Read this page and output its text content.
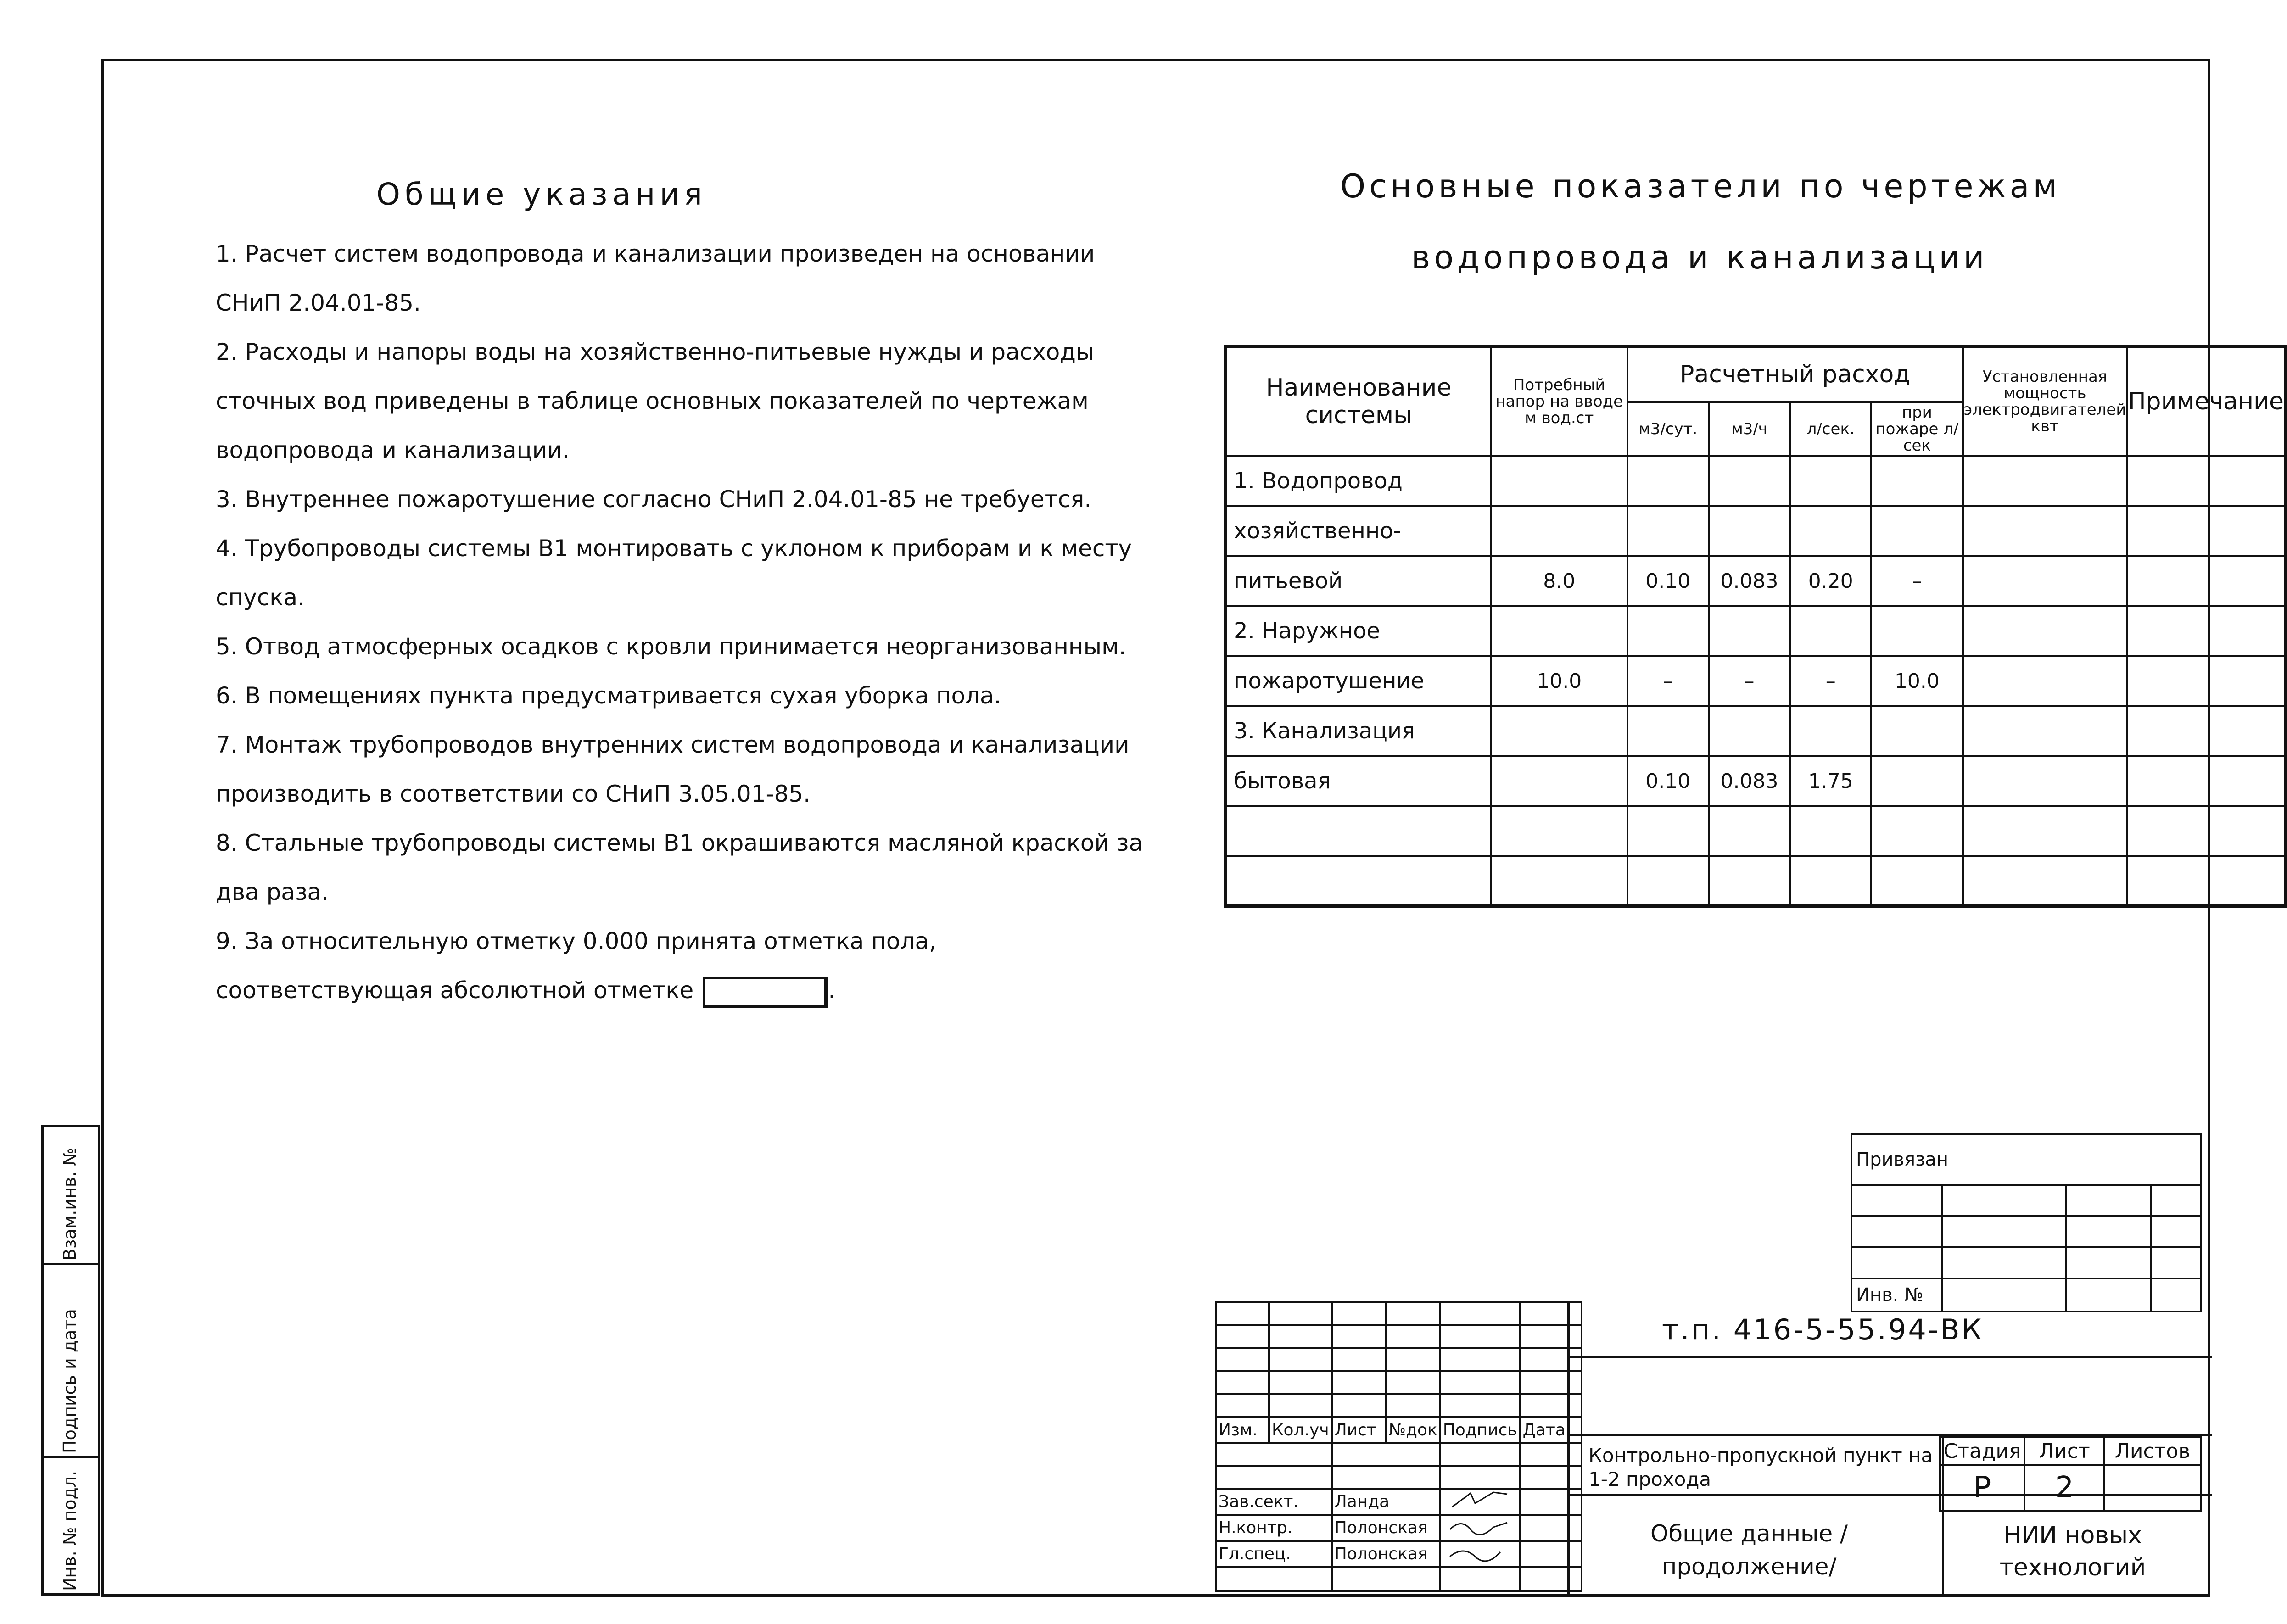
Общие указания

1. Расчет систем водопровода и канализации произведен на основании СНиП 2.04.01-85.

2. Расходы и напоры воды на хозяйственно-питьевые нужды и расходы сточных вод приведены в таблице основных показателей по чертежам водопровода и канализации.

3. Внутреннее пожаротушение согласно СНиП 2.04.01-85 не требуется.

4. Трубопроводы системы В1 монтировать с уклоном к приборам и к месту спуска.

5. Отвод атмосферных осадков с кровли принимается неорганизованным.

6. В помещениях пункта предусматривается сухая уборка пола.

7. Монтаж трубопроводов внутренних систем водопровода и канализации производить в соответствии со СНиП 3.05.01-85.

8. Стальные трубопроводы системы В1 окрашиваются масляной краской за два раза.

9. За относительную отметку 0.000 принята отметка пола, соответствующая абсолютной отметке	.

Основные показатели по чертежам
водопровода и канализации
Наименование системы	Потребный напор на вводе м вод.ст	Расчетный расход				Установленная мощность электродвигателей квт	Примечание
		м3/сут.	м3/ч	л/сек.	при пожаре л/сек		
1. Водопровод							
хозяйственно-							
питьевой	8.0	0.10	0.083	0.20	–		
2. Наружное							
пожаротушение	10.0	–	–	–	10.0		
3. Канализация							
бытовая		0.10	0.083	1.75			

Привязан			

Инв. №			

Изм.	Кол.уч	Лист	№док	Подпись	Дата

Зав.сект.		Ланда		
Н.контр.		Полонская		
Гл.спец.		Полонская		

т.п. 416-5-55.94-ВК
Контрольно-пропускной пункт на 1-2 прохода
Общие данные /продолжение/
НИИ новых технологий
Стадия	Лист	Листов
Р	2	
Взам.инв. №
Подпись и дата
Инв. № подл.
